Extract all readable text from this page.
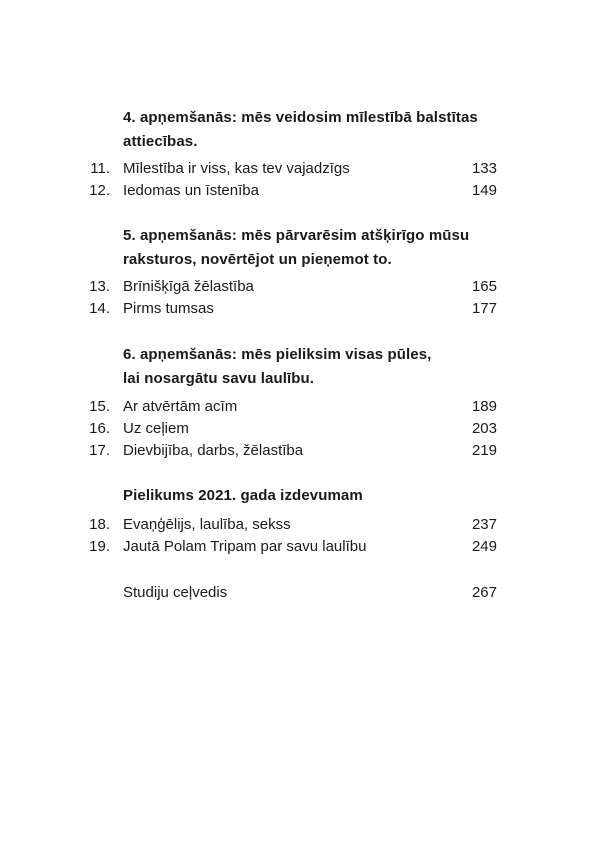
4. apņemšanās: mēs veidosim mīlestībā balstītas
attiecības.
11. Mīlestība ir viss, kas tev vajadzīgs	133
12. Iedomas un īstenība	149
5. apņemšanās: mēs pārvarēsim atšķirīgo mūsu
raksturos, novērtējot un pieņemot to.
13. Brīnišķīgā žēlastība	165
14. Pirms tumsas	177
6. apņemšanās: mēs pieliksim visas pūles,
lai nosargātu savu laulību.
15. Ar atvērtām acīm	189
16. Uz ceļiem	203
17. Dievbijība, darbs, žēlastība	219
Pielikums 2021. gada izdevumam
18. Evaņģēlijs, laulība, sekss	237
19. Jautā Polam Tripam par savu laulību	249
Studiju ceļvedis	267
